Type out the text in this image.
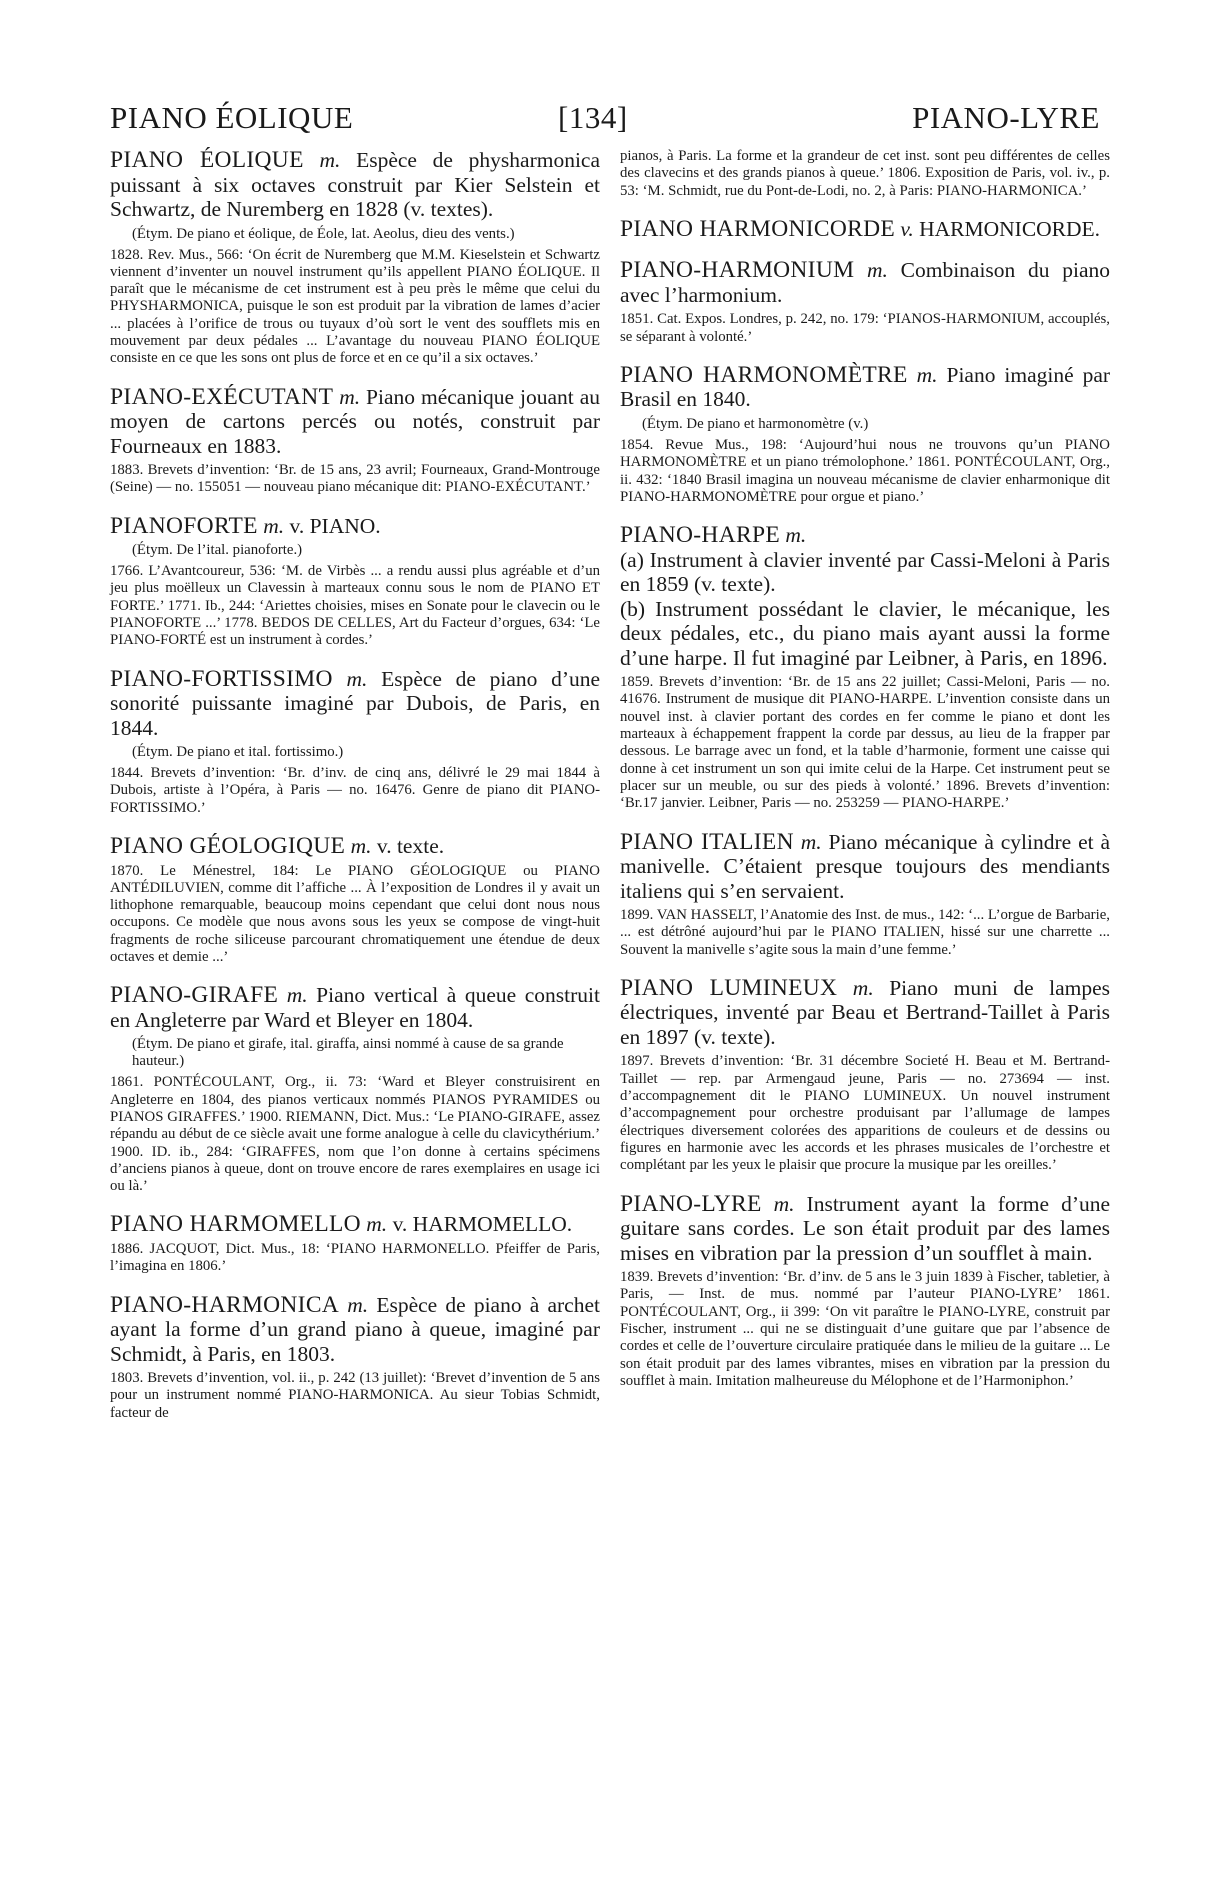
PIANO ÉOLIQUE	[134]	PIANO-LYRE

PIANO ÉOLIQUE m. Espèce de physharmonica puissant à six octaves construit par Kier Selstein et Schwartz, de Nuremberg en 1828 (v. textes).

(Étym. De piano et éolique, de Éole, lat. Aeolus, dieu des vents.)

1828. Rev. Mus., 566: ‘On écrit de Nuremberg que M.M. Kieselstein et Schwartz viennent d’inventer un nouvel instrument qu’ils appellent PIANO ÉOLIQUE. Il paraît que le mécanisme de cet instrument est à peu près le même que celui du PHYSHARMONICA, puisque le son est produit par la vibration de lames d’acier ... placées à l’orifice de trous ou tuyaux d’où sort le vent des soufflets mis en mouvement par deux pédales ... L’avantage du nouveau PIANO ÉOLIQUE consiste en ce que les sons ont plus de force et en ce qu’il a six octaves.’

PIANO-EXÉCUTANT m. Piano mécanique jouant au moyen de cartons percés ou notés, construit par Fourneaux en 1883.

1883. Brevets d’invention: ‘Br. de 15 ans, 23 avril; Fourneaux, Grand-Montrouge (Seine) — no. 155051 — nouveau piano mécanique dit: PIANO-EXÉCUTANT.’

PIANOFORTE m. v. PIANO.

(Étym. De l’ital. pianoforte.)

1766. L’Avantcoureur, 536: ‘M. de Virbès ... a rendu aussi plus agréable et d’un jeu plus moëlleux un Clavessin à marteaux connu sous le nom de PIANO ET FORTE.’ 1771. Ib., 244: ‘Ariettes choisies, mises en Sonate pour le clavecin ou le PIANOFORTE ...’ 1778. BEDOS DE CELLES, Art du Facteur d’orgues, 634: ‘Le PIANO-FORTÉ est un instrument à cordes.’

PIANO-FORTISSIMO m. Espèce de piano d’une sonorité puissante imaginé par Dubois, de Paris, en 1844.

(Étym. De piano et ital. fortissimo.)

1844. Brevets d’invention: ‘Br. d’inv. de cinq ans, délivré le 29 mai 1844 à Dubois, artiste à l’Opéra, à Paris — no. 16476. Genre de piano dit PIANO-FORTISSIMO.’

PIANO GÉOLOGIQUE m. v. texte.

1870. Le Ménestrel, 184: Le PIANO GÉOLOGIQUE ou PIANO ANTÉDILUVIEN, comme dit l’affiche ... À l’exposition de Londres il y avait un lithophone remarquable, beaucoup moins cependant que celui dont nous nous occupons. Ce modèle que nous avons sous les yeux se compose de vingt-huit fragments de roche siliceuse parcourant chromatiquement une étendue de deux octaves et demie ...’

PIANO-GIRAFE m. Piano vertical à queue construit en Angleterre par Ward et Bleyer en 1804.

(Étym. De piano et girafe, ital. giraffa, ainsi nommé à cause de sa grande hauteur.)

1861. PONTÉCOULANT, Org., ii. 73: ‘Ward et Bleyer construisirent en Angleterre en 1804, des pianos verticaux nommés PIANOS PYRAMIDES ou PIANOS GIRAFFES.’ 1900. RIEMANN, Dict. Mus.: ‘Le PIANO-GIRAFE, assez répandu au début de ce siècle avait une forme analogue à celle du clavicythérium.’ 1900. ID. ib., 284: ‘GIRAFFES, nom que l’on donne à certains spécimens d’anciens pianos à queue, dont on trouve encore de rares exemplaires en usage ici ou là.’

PIANO HARMOMELLO m. v. HARMOMELLO.

1886. JACQUOT, Dict. Mus., 18: ‘PIANO HARMONELLO. Pfeiffer de Paris, l’imagina en 1806.’

PIANO-HARMONICA m. Espèce de piano à archet ayant la forme d’un grand piano à queue, imaginé par Schmidt, à Paris, en 1803.

1803. Brevets d’invention, vol. ii., p. 242 (13 juillet): ‘Brevet d’invention de 5 ans pour un instrument nommé PIANO-HARMONICA. Au sieur Tobias Schmidt, facteur de

pianos, à Paris. La forme et la grandeur de cet inst. sont peu différentes de celles des clavecins et des grands pianos à queue.’ 1806. Exposition de Paris, vol. iv., p. 53: ‘M. Schmidt, rue du Pont-de-Lodi, no. 2, à Paris: PIANO-HARMONICA.’

PIANO HARMONICORDE v. HARMONICORDE.

PIANO-HARMONIUM m. Combinaison du piano avec l’harmonium.

1851. Cat. Expos. Londres, p. 242, no. 179: ‘PIANOS-HARMONIUM, accouplés, se séparant à volonté.’

PIANO HARMONOMÈTRE m. Piano imaginé par Brasil en 1840.

(Étym. De piano et harmonomètre (v.)

1854. Revue Mus., 198: ‘Aujourd’hui nous ne trouvons qu’un PIANO HARMONOMÈTRE et un piano trémolophone.’ 1861. PONTÉCOULANT, Org., ii. 432: ‘1840 Brasil imagina un nouveau mécanisme de clavier enharmonique dit PIANO-HARMONOMÈTRE pour orgue et piano.’

PIANO-HARPE m.

(a) Instrument à clavier inventé par Cassi-Meloni à Paris en 1859 (v. texte).

(b) Instrument possédant le clavier, le mécanique, les deux pédales, etc., du piano mais ayant aussi la forme d’une harpe. Il fut imaginé par Leibner, à Paris, en 1896.

1859. Brevets d’invention: ‘Br. de 15 ans 22 juillet; Cassi-Meloni, Paris — no. 41676. Instrument de musique dit PIANO-HARPE. L’invention consiste dans un nouvel inst. à clavier portant des cordes en fer comme le piano et dont les marteaux à échappement frappent la corde par dessus, au lieu de la frapper par dessous. Le barrage avec un fond, et la table d’harmonie, forment une caisse qui donne à cet instrument un son qui imite celui de la Harpe. Cet instrument peut se placer sur un meuble, ou sur des pieds à volonté.’ 1896. Brevets d’invention: ‘Br.17 janvier. Leibner, Paris — no. 253259 — PIANO-HARPE.’

PIANO ITALIEN m. Piano mécanique à cylindre et à manivelle. C’étaient presque toujours des mendiants italiens qui s’en servaient.

1899. VAN HASSELT, l’Anatomie des Inst. de mus., 142: ‘... L’orgue de Barbarie, ... est détrôné aujourd’hui par le PIANO ITALIEN, hissé sur une charrette ... Souvent la manivelle s’agite sous la main d’une femme.’

PIANO LUMINEUX m. Piano muni de lampes électriques, inventé par Beau et Bertrand-Taillet à Paris en 1897 (v. texte).

1897. Brevets d’invention: ‘Br. 31 décembre Societé H. Beau et M. Bertrand-Taillet — rep. par Armengaud jeune, Paris — no. 273694 — inst. d’accompagnement dit le PIANO LUMINEUX. Un nouvel instrument d’accompagnement pour orchestre produisant par l’allumage de lampes électriques diversement colorées des apparitions de couleurs et de dessins ou figures en harmonie avec les accords et les phrases musicales de l’orchestre et complétant par les yeux le plaisir que procure la musique par les oreilles.’

PIANO-LYRE m. Instrument ayant la forme d’une guitare sans cordes. Le son était produit par des lames mises en vibration par la pression d’un soufflet à main.

1839. Brevets d’invention: ‘Br. d’inv. de 5 ans le 3 juin 1839 à Fischer, tabletier, à Paris, — Inst. de mus. nommé par l’auteur PIANO-LYRE’ 1861. PONTÉCOULANT, Org., ii 399: ‘On vit paraître le PIANO-LYRE, construit par Fischer, instrument ... qui ne se distinguait d’une guitare que par l’absence de cordes et celle de l’ouverture circulaire pratiquée dans le milieu de la guitare ... Le son était produit par des lames vibrantes, mises en vibration par la pression du soufflet à main. Imitation malheureuse du Mélophone et de l’Harmoniphon.’
